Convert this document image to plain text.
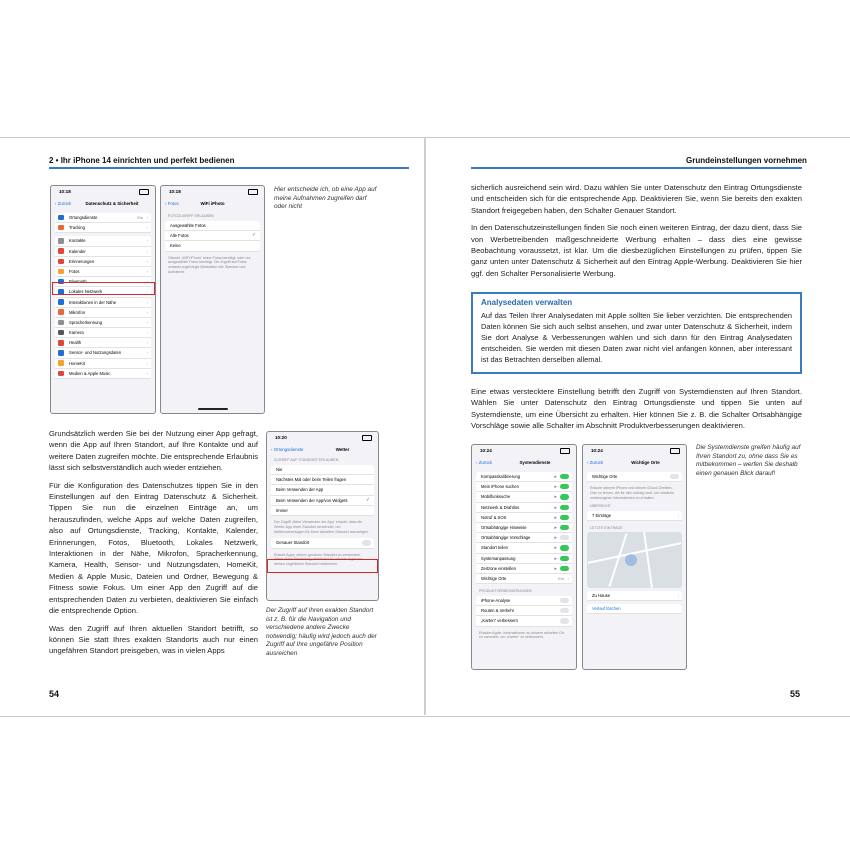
2 • Ihr iPhone 14 einrichten und perfekt bedienen
10:18
‹ Zurück	Datenschutz & Sicherheit
Ortungsdienste	Ein ›
Tracking	›
Kontakte	›
Kalender	›
Erinnerungen	›
Fotos	›
Bluetooth	›
Lokales Netzwerk	›
Interaktionen in der Nähe	›
Mikrofon	›
Spracherkennung	›
Kamera	›
Health	›
Sensor- und Nutzungsdaten	›
HomeKit	›
Medien & Apple Music	›
10:18
‹ Fotos	WiFi iPhoto
FOTOZUGRIFF ERLAUBEN
Ausgewählte Fotos
Alle Fotos	✓
Keine
Obwohl „WiFi iPhoto“ keine Fotos benötigt, oder nur ausgewählte Fotos benötigt. Die Zugriff auf Fotos umfasst zugehörige Metadaten wie Standort und Aufnahme.
Hier entscheide ich, ob eine App auf meine Aufnahmen zugreifen darf oder nicht
10:20
‹ Ortungsdienste	Wetter
ZUGRIFF AUF STANDORT ERLAUBEN
Nie
Nächstes Mal oder beim Teilen fragen
Beim Verwenden der App
Beim Verwenden der App/von Widgets	✓
Immer
Der Zugriff „Beim Verwenden der App“ erlaubt, dass die Wetter-App Ihren Standort verwendet, um Wettervorhersagen für Ihren aktuellen Standort anzuzeigen.
Genauer Standort
Erlaubt Apps, deinen genauen Standort zu verwenden. Wenn diese Einstellung deaktiviert ist, können Apps nur deinen ungefähren Standort bestimmen.

Grundsätzlich werden Sie bei der Nutzung einer App gefragt, wenn die App auf Ihren Standort, auf Ihre Kontakte und auf weitere Daten zugreifen möchte. Die entsprechende Erlaubnis lässt sich selbstverständlich auch wieder entziehen.

Für die Konfiguration des Datenschutzes tippen Sie in den Einstellungen auf den Eintrag Datenschutz & Sicherheit. Tippen Sie nun die einzelnen Einträge an, um herauszufinden, welche Apps auf welche Daten zugreifen, also auf Ortungsdienste, Tracking, Kontakte, Kalender, Erinnerungen, Fotos, Bluetooth, Lokales Netzwerk, Interaktionen in der Nähe, Mikrofon, Spracherkennung, Kamera, Health, Sensor- und Nutzungsdaten, HomeKit, Medien & Apple Music, Dateien und Ordner, Bewegung & Fitness sowie Fokus. Um einer App den Zugriff auf die entsprechenden Daten zu verbieten, deaktivieren Sie einfach die entsprechende Option.

Was den Zugriff auf Ihren aktuellen Standort betrifft, so können Sie statt Ihres exakten Standorts auch nur einen ungefähren Standort preisgeben, was in vielen Apps

Der Zugriff auf Ihren exakten Standort ist z. B. für die Navigation und verschiedene andere Zwecke notwendig; häufig wird jedoch auch der Zugriff auf Ihre ungefähre Position ausreichen
54
Grundeinstellungen vornehmen

sicherlich ausreichend sein wird. Dazu wählen Sie unter Datenschutz den Eintrag Ortungsdienste und entscheiden sich für die entsprechende App. Deaktivieren Sie, wenn Sie bereits den exakten Standort freigegeben haben, den Schalter Genauer Standort.

In den Datenschutzeinstellungen finden Sie noch einen weiteren Eintrag, der dazu dient, dass Sie von Werbetreibenden maßgeschneiderte Werbung erhalten – dass dies eine gewisse Beobachtung voraussetzt, ist klar. Um die diesbezüglichen Einstellungen zu prüfen, tippen Sie ganz unten unter Datenschutz & Sicherheit auf den Eintrag Apple-Werbung. Deaktivieren Sie hier ggf. den Schalter Personalisierte Werbung.

Analysedaten verwalten
Auf das Teilen Ihrer Analysedaten mit Apple sollten Sie lieber verzichten. Die entsprechenden Daten können Sie sich auch selbst ansehen, und zwar unter Datenschutz & Sicherheit, indem Sie dort Analyse & Verbesserungen wählen und sich dann für den Eintrag Analysedaten entscheiden. Sie werden mit diesen Daten zwar nicht viel anfangen können, aber interessant ist das Betrachten derselben allemal.

Eine etwas verstecktere Einstellung betrifft den Zugriff von Systemdiensten auf Ihren Standort. Wählen Sie unter Datenschutz den Eintrag Ortungsdienste und tippen Sie unten auf Systemdienste, um eine Übersicht zu erhalten. Hier können Sie z. B. die Schalter Ortsabhängige Vorschläge sowie alle Schalter im Abschnitt Produktverbesserungen deaktivieren.

10:24
‹ Zurück	Systemdienste
Kompasskalibrierung	➤
Mein iPhone suchen	➤
Mobilfunksuche	➤
Netzwerk & Drahtlos	➤
Notruf & SOS	➤
Ortsabhängige Hinweise	➤
Ortsabhängige Vorschläge	➤
Standort teilen	➤
Systemanpassung	➤
Zeitzone einstellen	➤
Wichtige Orte	Ein ›
PRODUKTVERBESSERUNGEN
iPhone-Analyse
Routen & Verkehr
„Karten“ verbessern
Erlaube Apple, Informationen zu deinem aktuellen Ort zu sammeln, um „Karten“ zu verbessern.
10:24
‹ Zurück	Wichtige Orte
Wichtige Orte
Erlaube deinem iPhone und deinen iCloud-Geräten, Orte zu lernen, die für dich wichtig sind, um nützliche ortsbezogene Informationen zu erhalten.
ÜBERSICHT
7 Einträge	›
LETZTE EINTRÄGE
Zu Hause	›
Verlauf löschen
Die Systemdienste greifen häufig auf Ihren Standort zu, ohne dass Sie es mitbekommen – werfen Sie deshalb einen genauen Blick darauf!
55
